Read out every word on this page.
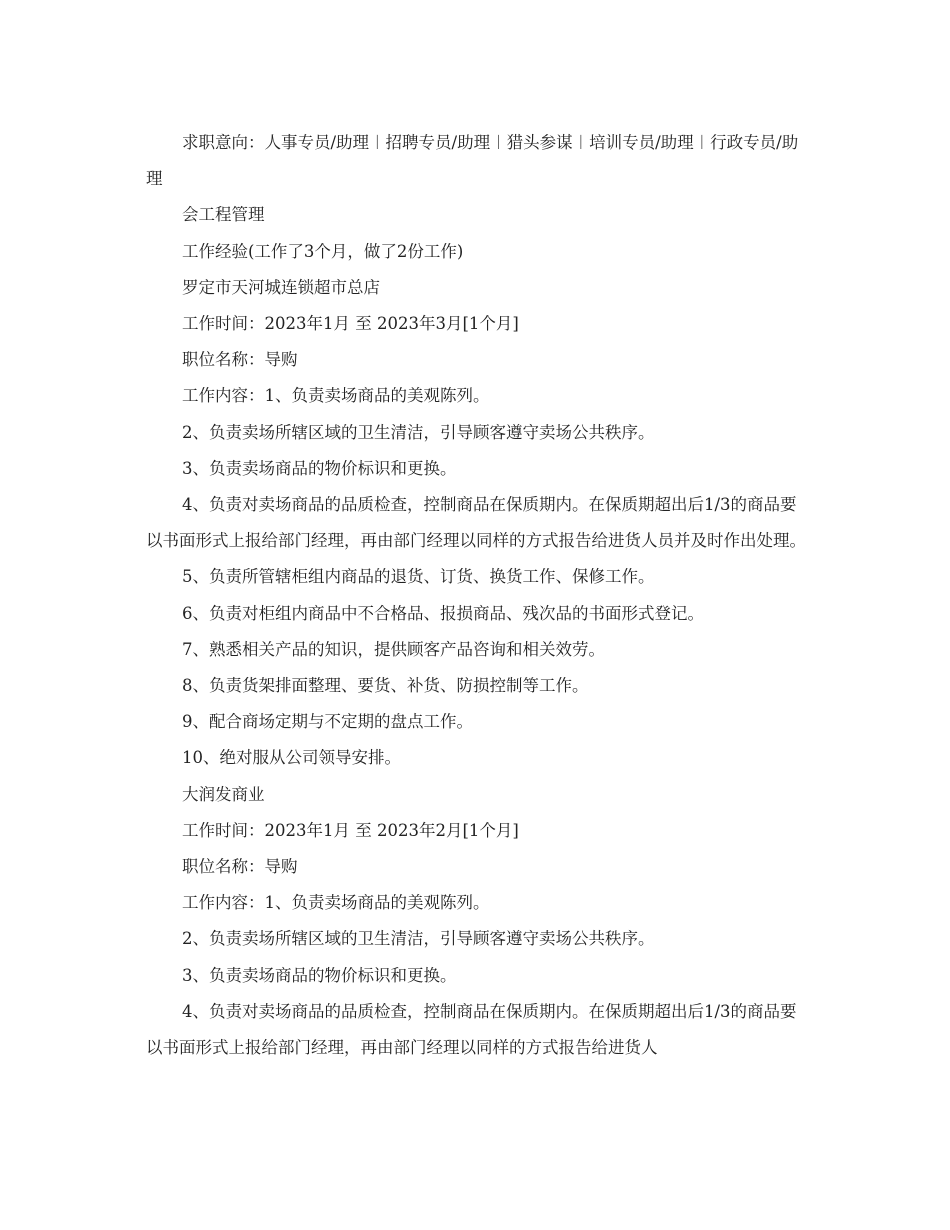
求职意向：人事专员/助理︱招聘专员/助理︱猎头参谋︱培训专员/助理︱行政专员/助理

会工程管理

工作经验(工作了3个月，做了2份工作)

罗定市天河城连锁超市总店

工作时间：2023年1月 至 2023年3月[1个月]

职位名称：导购

工作内容：1、负责卖场商品的美观陈列。

2、负责卖场所辖区域的卫生清洁，引导顾客遵守卖场公共秩序。

3、负责卖场商品的物价标识和更换。

4、负责对卖场商品的品质检查，控制商品在保质期内。在保质期超出后1/3的商品要以书面形式上报给部门经理，再由部门经理以同样的方式报告给进货人员并及时作出处理。

5、负责所管辖柜组内商品的退货、订货、换货工作、保修工作。

6、负责对柜组内商品中不合格品、报损商品、残次品的书面形式登记。

7、熟悉相关产品的知识，提供顾客产品咨询和相关效劳。

8、负责货架排面整理、要货、补货、防损控制等工作。

9、配合商场定期与不定期的盘点工作。

10、绝对服从公司领导安排。

大润发商业

工作时间：2023年1月 至 2023年2月[1个月]

职位名称：导购

工作内容：1、负责卖场商品的美观陈列。

2、负责卖场所辖区域的卫生清洁，引导顾客遵守卖场公共秩序。

3、负责卖场商品的物价标识和更换。

4、负责对卖场商品的品质检查，控制商品在保质期内。在保质期超出后1/3的商品要以书面形式上报给部门经理，再由部门经理以同样的方式报告给进货人
